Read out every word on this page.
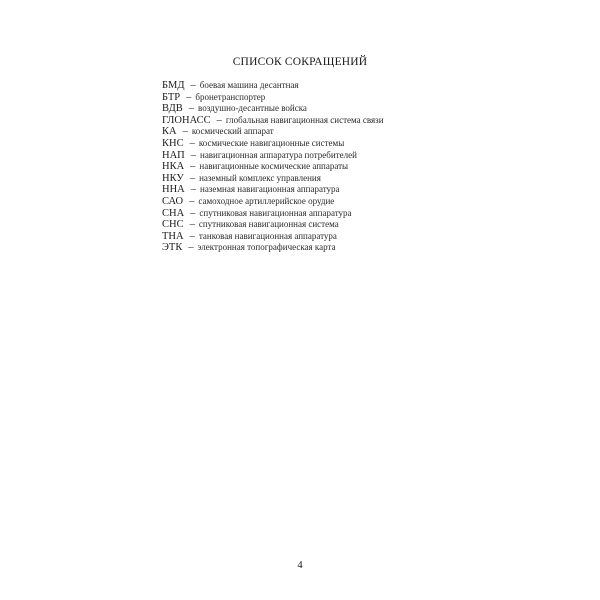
СПИСОК СОКРАЩЕНИЙ
БМД – боевая машина десантная
БТР – бронетранспортер
ВДВ – воздушно-десантные войска
ГЛОНАСС – глобальная навигационная система связи
КА – космический аппарат
КНС – космические навигационные системы
НАП – навигационная аппаратура потребителей
НКА – навигационные космические аппараты
НКУ – наземный комплекс управления
ННА – наземная навигационная аппаратура
САО – самоходное артиллерийское орудие
СНА – спутниковая навигационная аппаратура
СНС – спутниковая навигационная система
ТНА – танковая навигационная аппаратура
ЭТК – электронная топографическая карта
4
